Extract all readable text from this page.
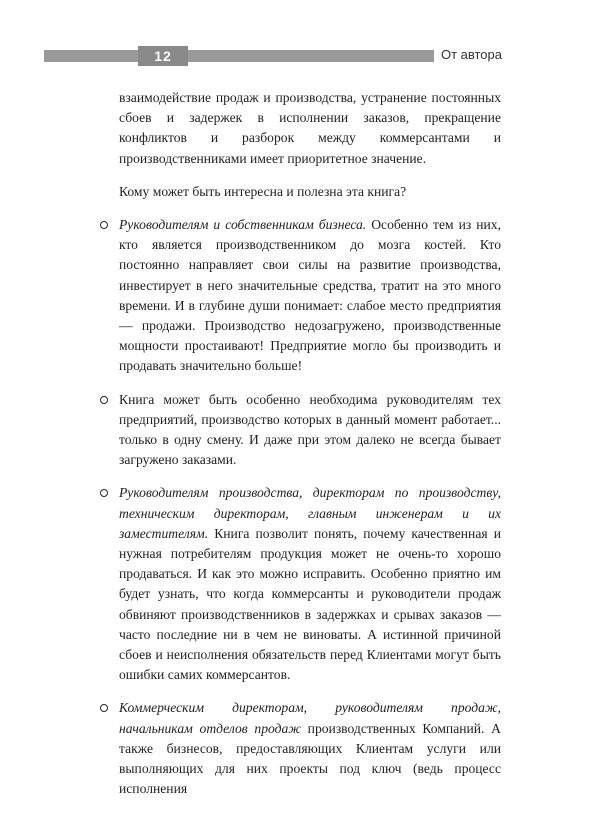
12	От автора

взаимодействие продаж и производства, устранение постоянных сбоев и задержек в исполнении заказов, прекращение конфликтов и разборок между коммерсантами и производственниками имеет приоритетное значение.

Кому может быть интересна и полезна эта книга?

Руководителям и собственникам бизнеса. Особенно тем из них, кто является производственником до мозга костей. Кто постоянно направляет свои силы на развитие производства, инвестирует в него значительные средства, тратит на это много времени. И в глубине души понимает: слабое место предприятия — продажи. Производство недозагружено, производственные мощности простаивают! Предприятие могло бы производить и продавать значительно больше!
Книга может быть особенно необходима руководителям тех предприятий, производство которых в данный момент работает... только в одну смену. И даже при этом далеко не всегда бывает загружено заказами.
Руководителям производства, директорам по производству, техническим директорам, главным инженерам и их заместителям. Книга позволит понять, почему качественная и нужная потребителям продукция может не очень-то хорошо продаваться. И как это можно исправить. Особенно приятно им будет узнать, что когда коммерсанты и руководители продаж обвиняют производственников в задержках и срывах заказов — часто последние ни в чем не виноваты. А истинной причиной сбоев и неисполнения обязательств перед Клиентами могут быть ошибки самих коммерсантов.
Коммерческим директорам, руководителям продаж, начальникам отделов продаж производственных Компаний. А также бизнесов, предоставляющих Клиентам услуги или выполняющих для них проекты под ключ (ведь процесс исполнения
